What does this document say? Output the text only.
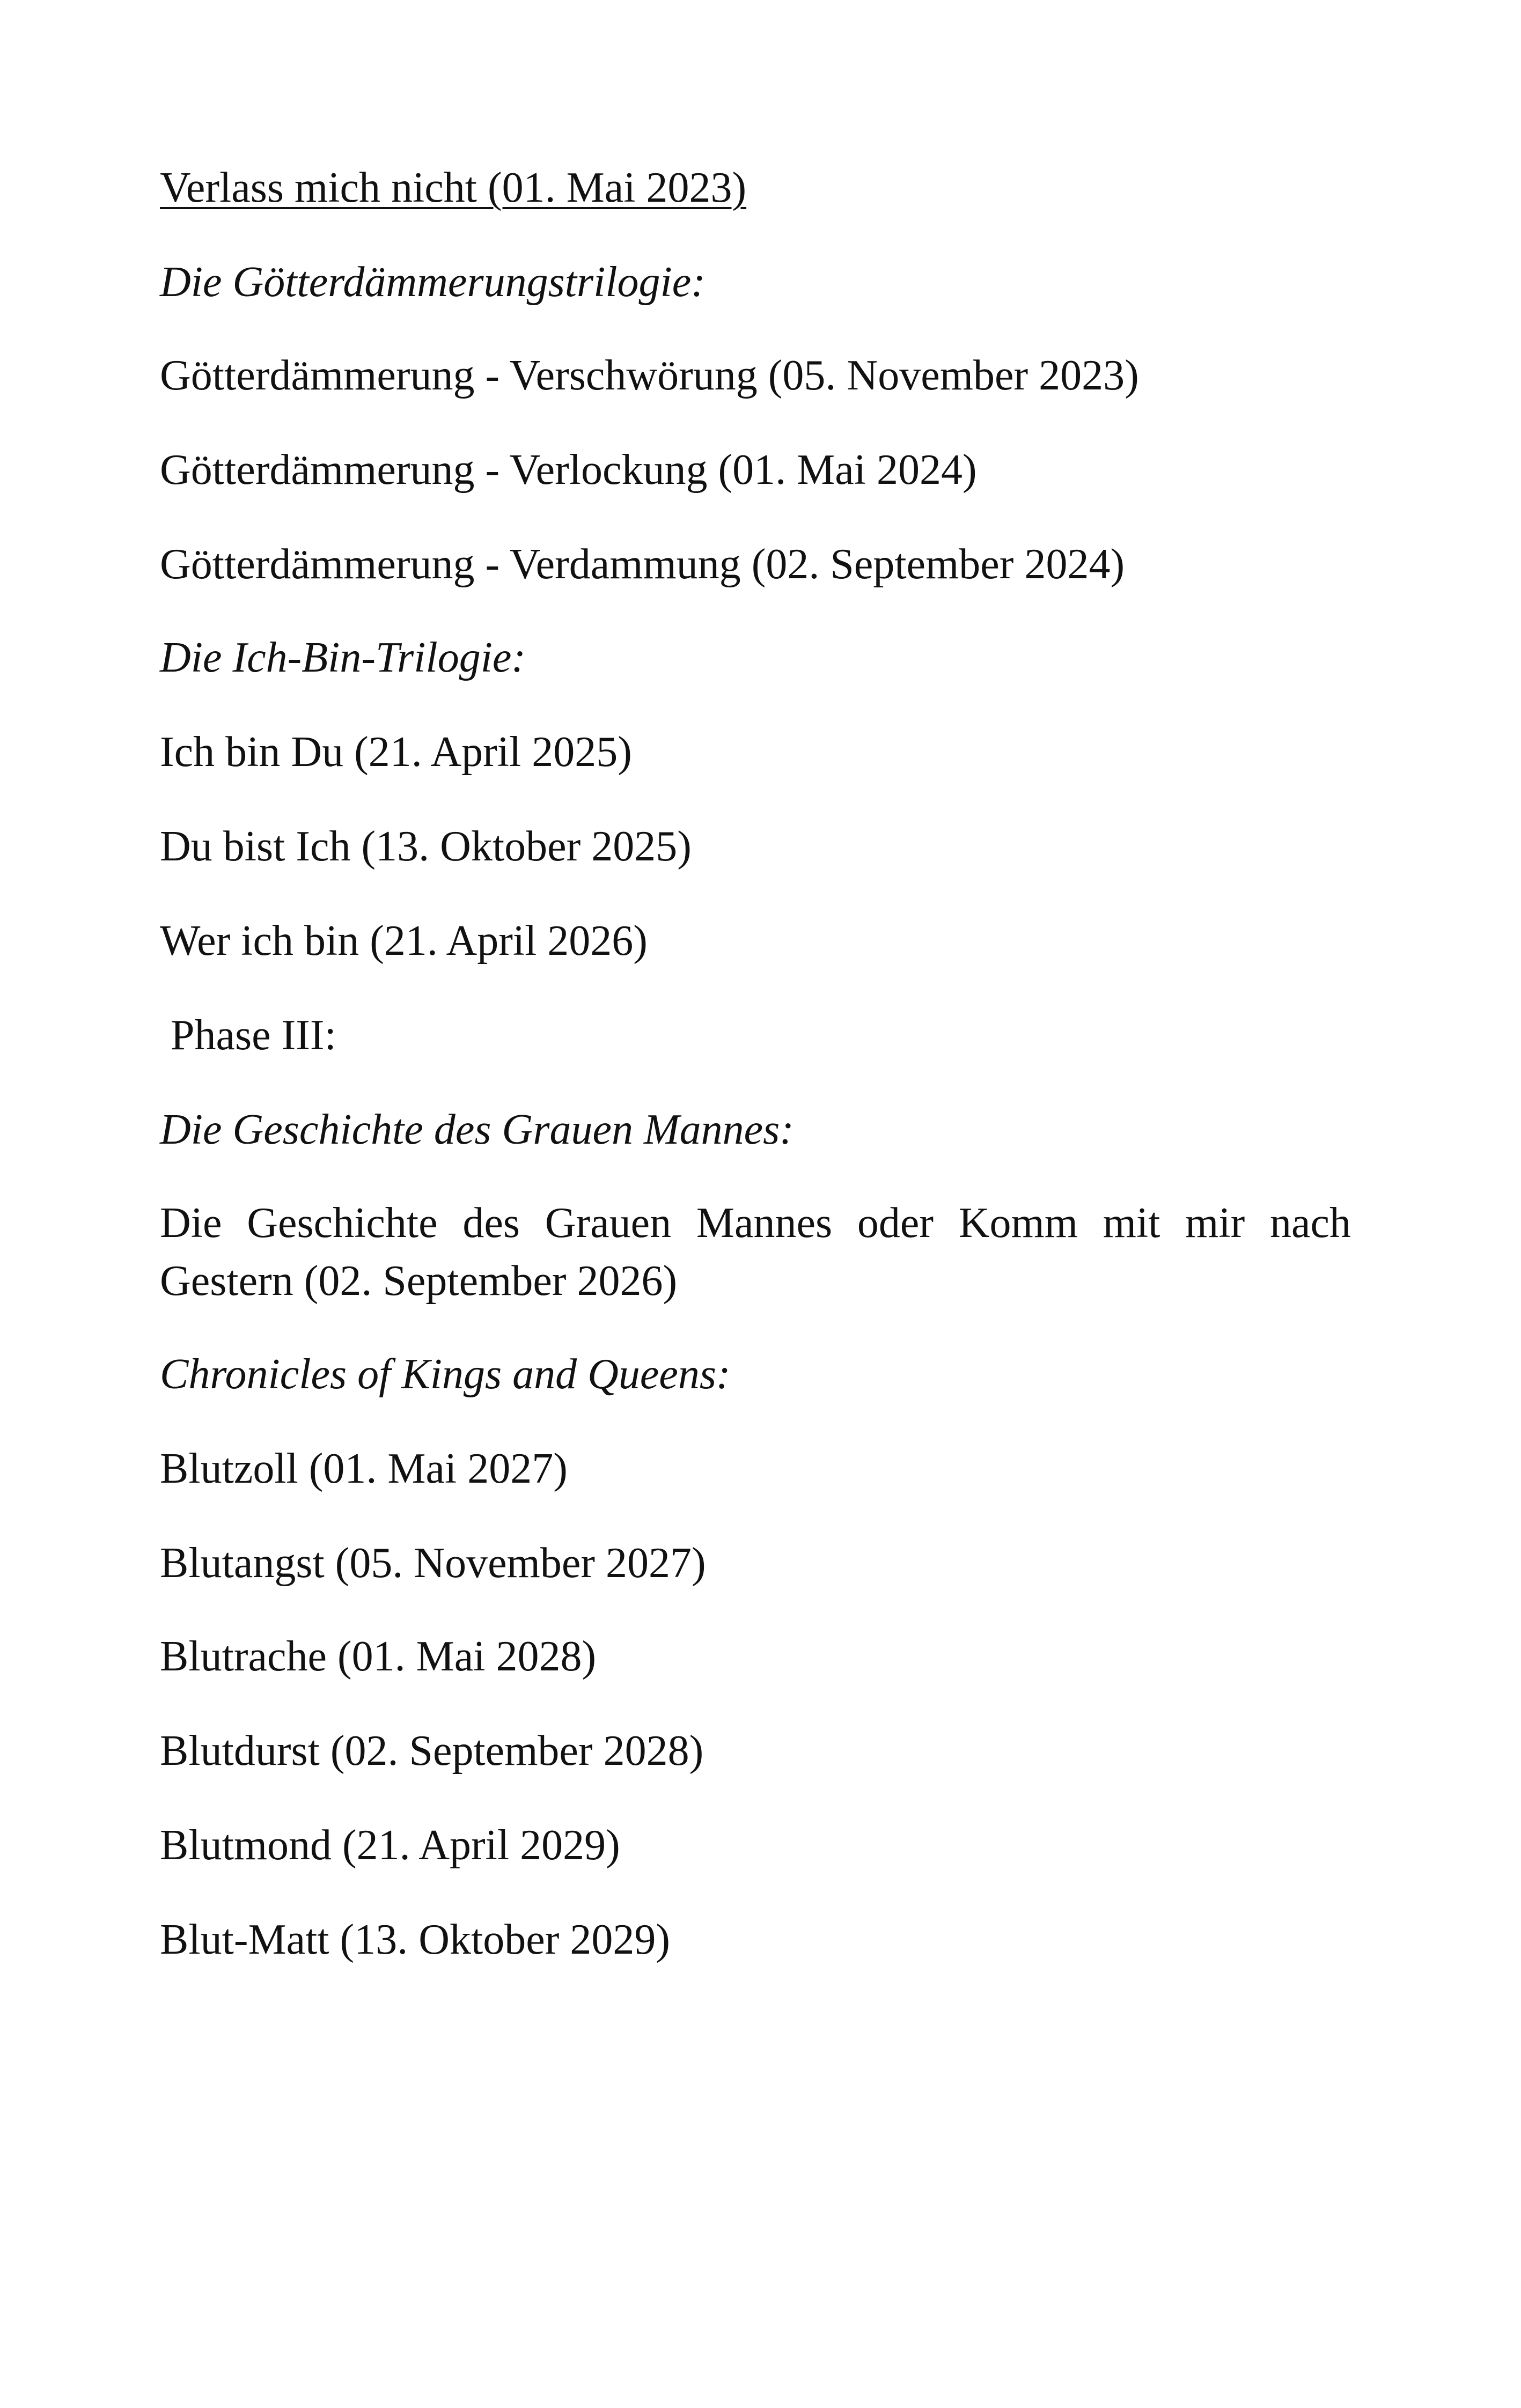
Verlass mich nicht (01. Mai 2023)

Die Götterdämmerungstrilogie:

Götterdämmerung - Verschwörung (05. November 2023)

Götterdämmerung - Verlockung (01. Mai 2024)

Götterdämmerung - Verdammung (02. September 2024)

Die Ich-Bin-Trilogie:

Ich bin Du (21. April 2025)

Du bist Ich (13. Oktober 2025)

Wer ich bin (21. April 2026)

Phase III:

Die Geschichte des Grauen Mannes:

Die Geschichte des Grauen Mannes oder Komm mit mir nach Gestern (02. September 2026)

Chronicles of Kings and Queens:

Blutzoll (01. Mai 2027)

Blutangst (05. November 2027)

Blutrache (01. Mai 2028)

Blutdurst (02. September 2028)

Blutmond (21. April 2029)

Blut-Matt (13. Oktober 2029)
